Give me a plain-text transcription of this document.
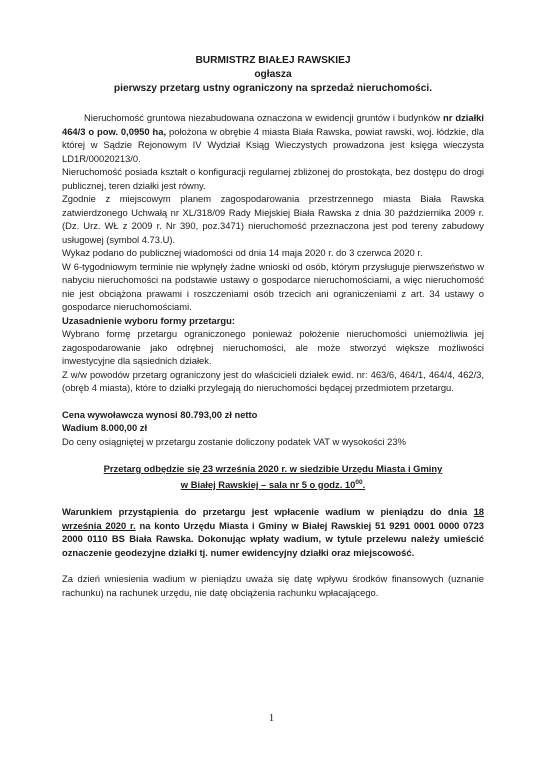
BURMISTRZ BIAŁEJ RAWSKIEJ
ogłasza
pierwszy przetarg ustny ograniczony na sprzedaż nieruchomości.

Nieruchomość gruntowa niezabudowana oznaczona w ewidencji gruntów i budynków nr działki 464/3 o pow. 0,0950 ha, położona w obrębie 4 miasta Biała Rawska, powiat rawski, woj. łódzkie, dla której w Sądzie Rejonowym IV Wydział Ksiąg Wieczystych prowadzona jest księga wieczysta LD1R/00020213/0.

Nieruchomość posiada kształt o konfiguracji regularnej zbliżonej do prostokąta, bez dostępu do drogi publicznej, teren działki jest równy.

Zgodnie z miejscowym planem zagospodarowania przestrzennego miasta Biała Rawska zatwierdzonego Uchwałą nr XL/318/09 Rady Miejskiej Biała Rawska z dnia 30 października 2009 r. (Dz. Urz. WŁ z 2009 r. Nr 390, poz.3471) nieruchomość przeznaczona jest pod tereny zabudowy usługowej (symbol 4.73.U).

Wykaz podano do publicznej wiadomości od dnia 14 maja 2020 r. do 3 czerwca 2020 r.

W 6-tygodniowym terminie nie wpłynęły żadne wnioski od osób, którym przysługuje pierwszeństwo w nabyciu nieruchomości na podstawie ustawy o gospodarce nieruchomościami, a więc nieruchomość nie jest obciążona prawami i roszczeniami osób trzecich ani ograniczeniami z art. 34 ustawy o gospodarce nieruchomościami.

Uzasadnienie wyboru formy przetargu:

Wybrano formę przetargu ograniczonego ponieważ położenie nieruchomości uniemożliwia jej zagospodarowanie jako odrębnej nieruchomości, ale może stworzyć większe możliwości inwestycyjne dla sąsiednich działek.

Z w/w powodów przetarg ograniczony jest do właścicieli działek ewid. nr: 463/6, 464/1, 464/4, 462/3, (obręb 4 miasta), które to działki przylegają do nieruchomości będącej przedmiotem przetargu.

Cena wywoławcza wynosi 80.793,00 zł netto

Wadium 8.000,00 zł

Do ceny osiągniętej w przetargu zostanie doliczony podatek VAT w wysokości 23%

Przetarg odbędzie się 23 września 2020 r. w siedzibie Urzędu Miasta i Gminy

w Białej Rawskiej – sala nr 5 o godz. $10^{00}$.

Warunkiem przystąpienia do przetargu jest wpłacenie wadium w pieniądzu do dnia 18 września 2020 r. na konto Urzędu Miasta i Gminy w Białej Rawskiej 51 9291 0001 0000 0723 2000 0110 BS Biała Rawska. Dokonując wpłaty wadium, w tytule przelewu należy umieścić oznaczenie geodezyjne działki tj. numer ewidencyjny działki oraz miejscowość.

Za dzień wniesienia wadium w pieniądzu uważa się datę wpływu środków finansowych (uznanie rachunku) na rachunek urzędu, nie datę obciążenia rachunku wpłacającego.

1
